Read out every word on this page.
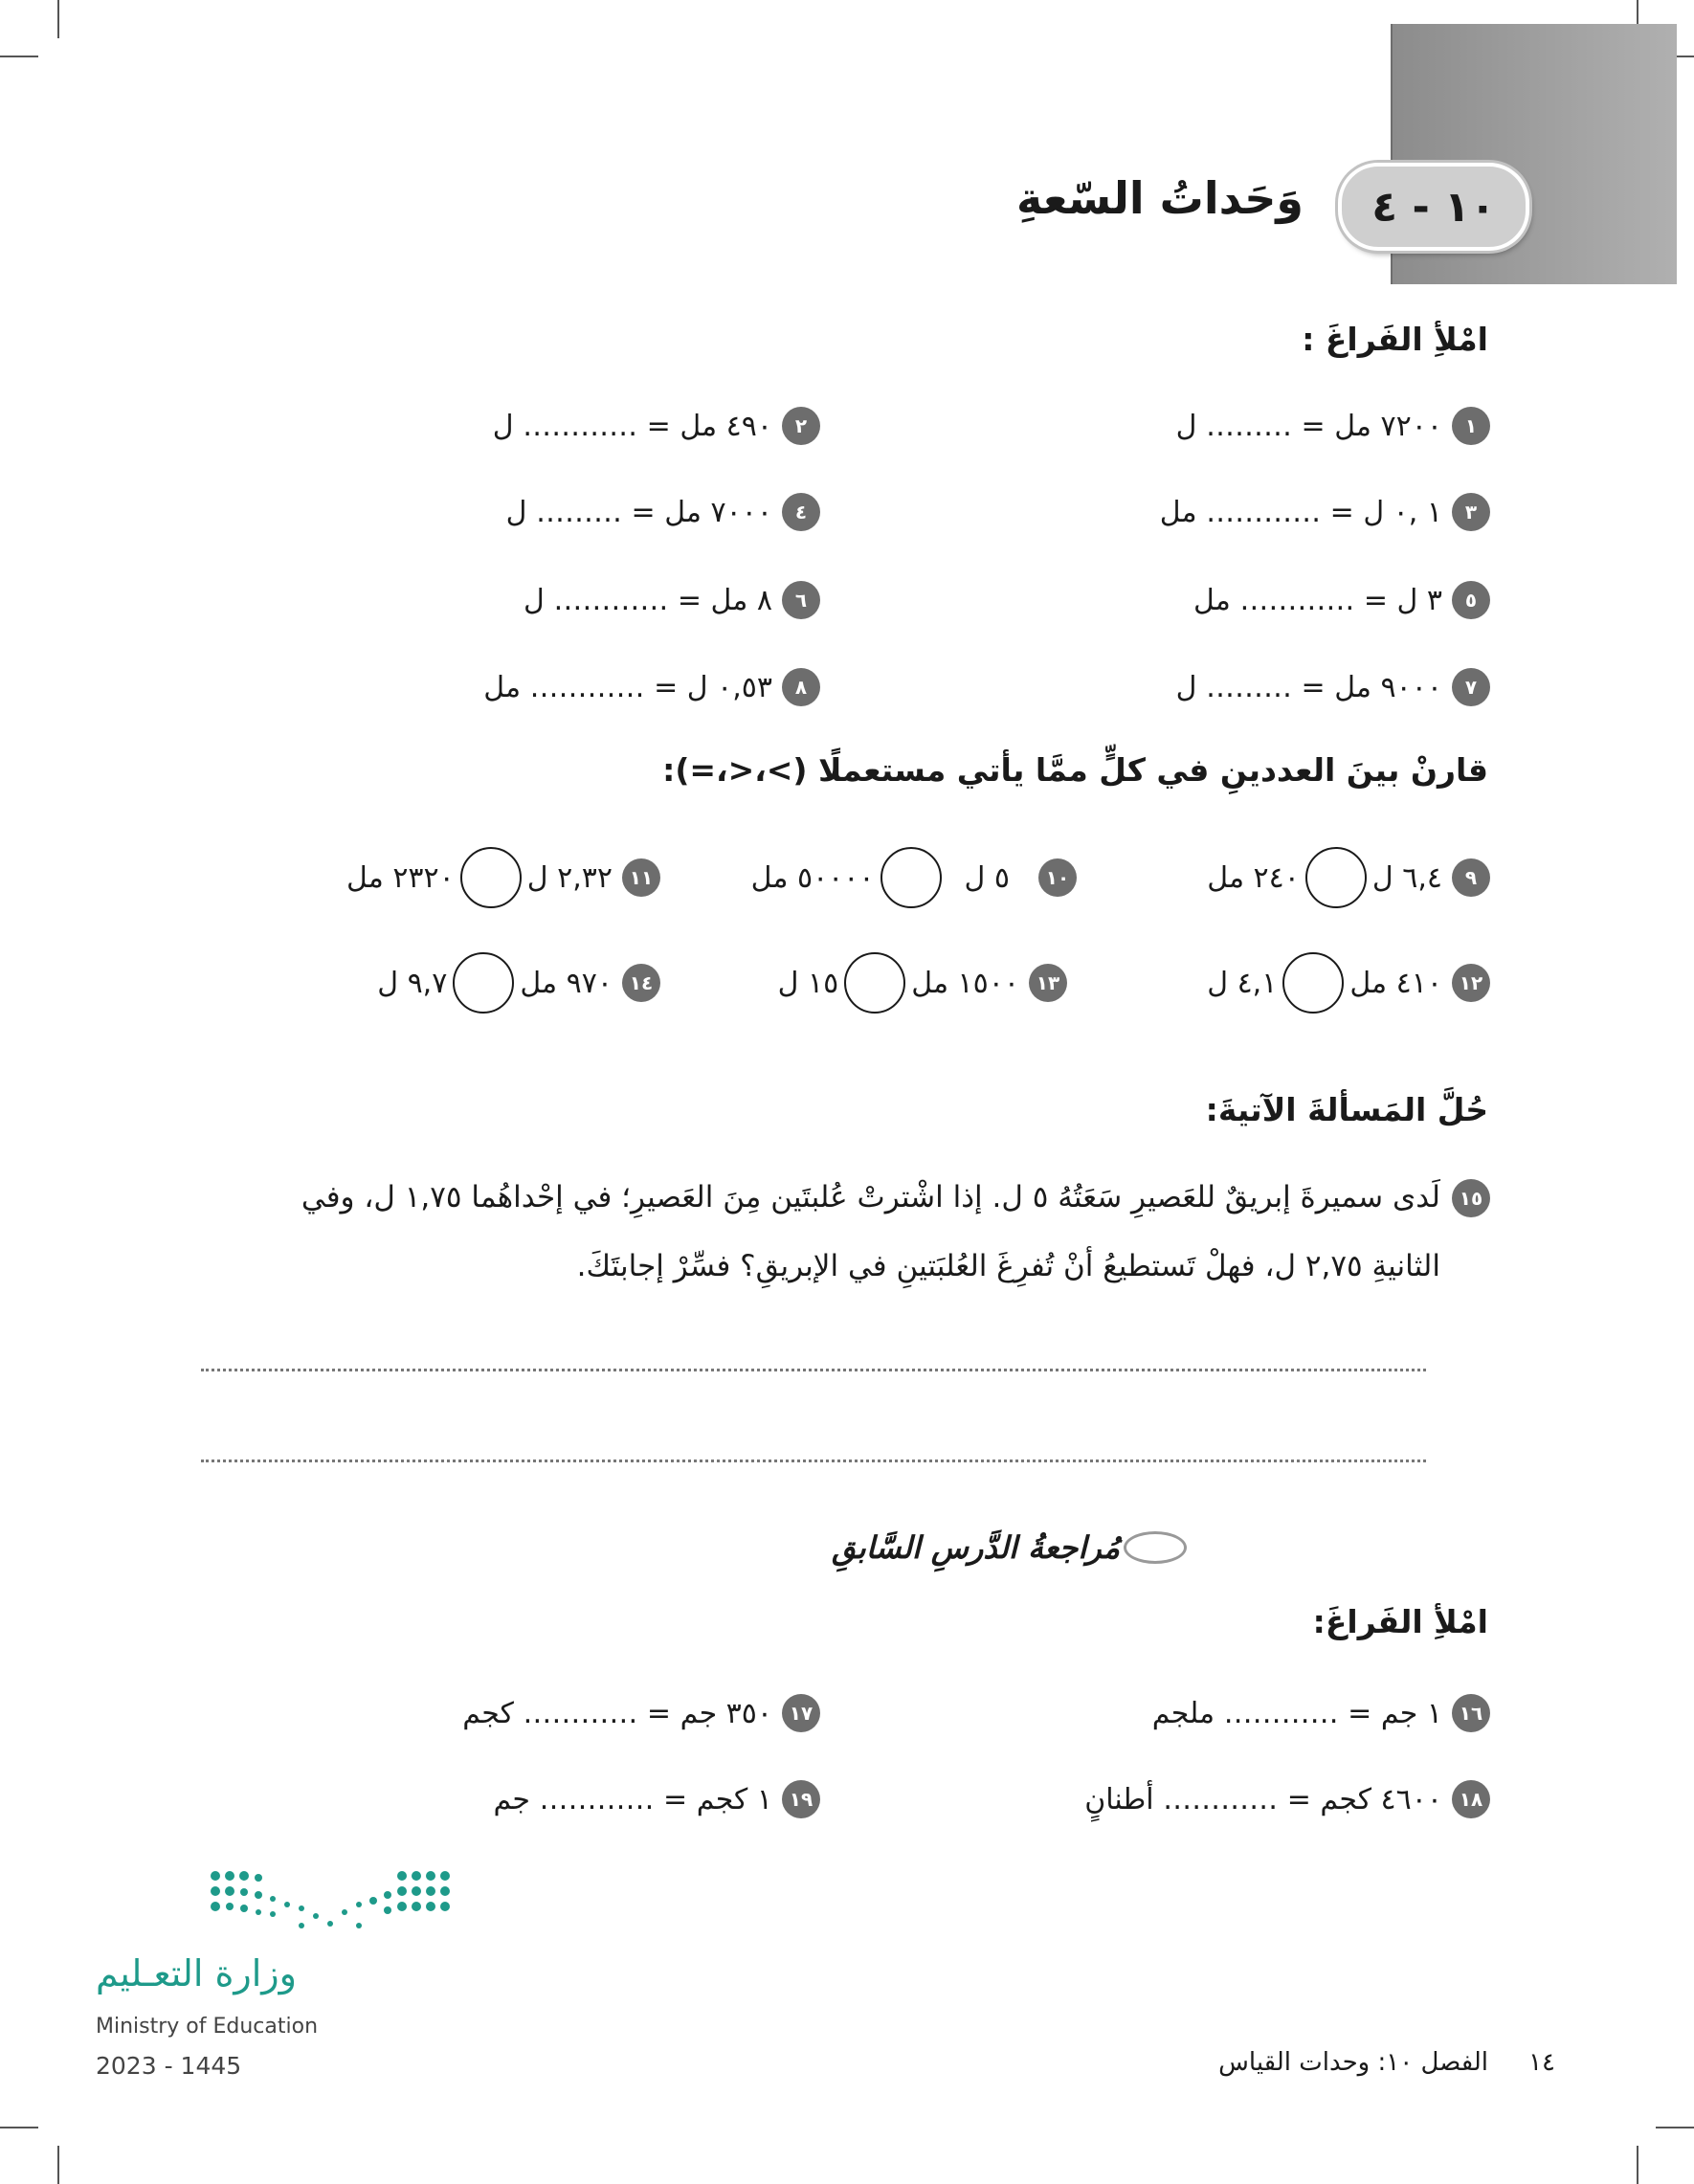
١٠ - ٤
وَحَداتُ السّعةِ
امْلأِ الفَراغَ :
١
٧٢٠٠ مل = ……… ل
٢
٤٩٠ مل = ………… ل
٣
١ ,٠ ل = ………… مل
٤
٧٠٠٠ مل = ……… ل
٥
٣ ل = ………… مل
٦
٨ مل = ………… ل
٧
٩٠٠٠ مل = ……… ل
٨
٠,٥٣ ل = ………… مل
قارنْ بينَ العددينِ في كلٍّ ممَّا يأتي مستعملًا (>،<،=):
٩
٦,٤ ل
٢٤٠ مل
١٠
٥ ل
٥٠٠٠٠ مل
١١
٢,٣٢ ل
٢٣٢٠ مل
١٢
٤١٠ مل
٤,١ ل
١٣
١٥٠٠ مل
١٥ ل
١٤
٩٧٠ مل
٩,٧ ل
حُلَّ المَسألةَ الآتيةَ:
١٥
لَدى سميرةَ إبريقٌ للعَصيرِ سَعَتُهُ ٥ ل. إذا اشْترتْ عُلبتَين مِنَ العَصيرِ؛ في إحْداهُما ١,٧٥ ل، وفي
الثانيةِ ٢,٧٥ ل، فهلْ تَستطيعُ أنْ تُفرِغَ العُلبَتينِ في الإبريقِ؟ فسِّرْ إجابتَكَ.
مُراجعةُ الدَّرسِ السَّابقِ
امْلأِ الفَراغَ:
١٦
١ جم = ………… ملجم
١٧
٣٥٠ جم = ………… كجم
١٨
٤٦٠٠ كجم = ………… أطنانٍ
١٩
١ كجم = ………… جم
وزارة التعـليم
Ministry of Education
2023 - 1445	١٤
الفصل ١٠: وحدات القياس
